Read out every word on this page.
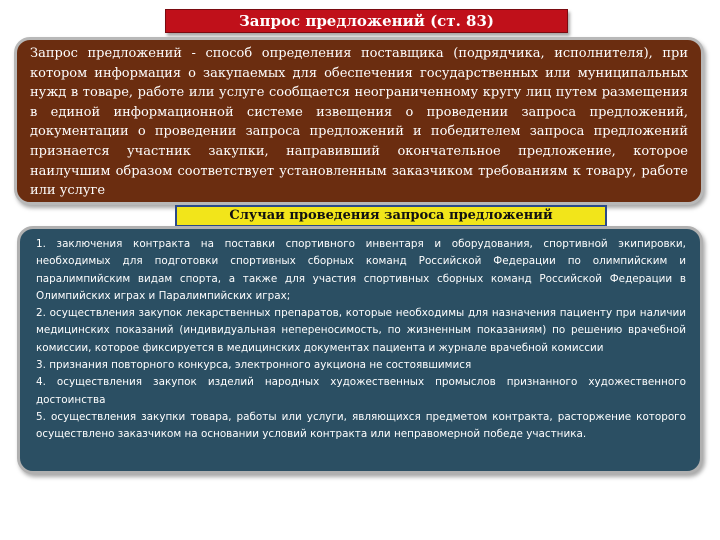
Запрос предложений (ст. 83)
Запрос предложений - способ определения поставщика (подрядчика, исполнителя), при котором информация о закупаемых для обеспечения государственных или муниципальных нужд в товаре, работе или услуге сообщается неограниченному кругу лиц путем размещения в единой информационной системе извещения о проведении запроса предложений, документации о проведении запроса предложений и победителем запроса предложений признается участник закупки, направивший окончательное предложение, которое наилучшим образом соответствует установленным заказчиком требованиям к товару, работе или услуге
Случаи проведения запроса предложений

1. заключения контракта на поставки спортивного инвентаря и оборудования, спортивной экипировки, необходимых для подготовки спортивных сборных команд Российской Федерации по олимпийским и паралимпийским видам спорта, а также для участия спортивных сборных команд Российской Федерации в Олимпийских играх и Паралимпийских играх;

2. осуществления закупок лекарственных препаратов, которые необходимы для назначения пациенту при наличии медицинских показаний (индивидуальная непереносимость, по жизненным показаниям) по решению врачебной комиссии, которое фиксируется в медицинских документах пациента и журнале врачебной комиссии

3. признания повторного конкурса, электронного аукциона не состоявшимися

4. осуществления закупок изделий народных художественных промыслов признанного художественного достоинства

5. осуществления закупки товара, работы или услуги, являющихся предметом контракта, расторжение которого осуществлено заказчиком на основании условий контракта или неправомерной победе участника.
